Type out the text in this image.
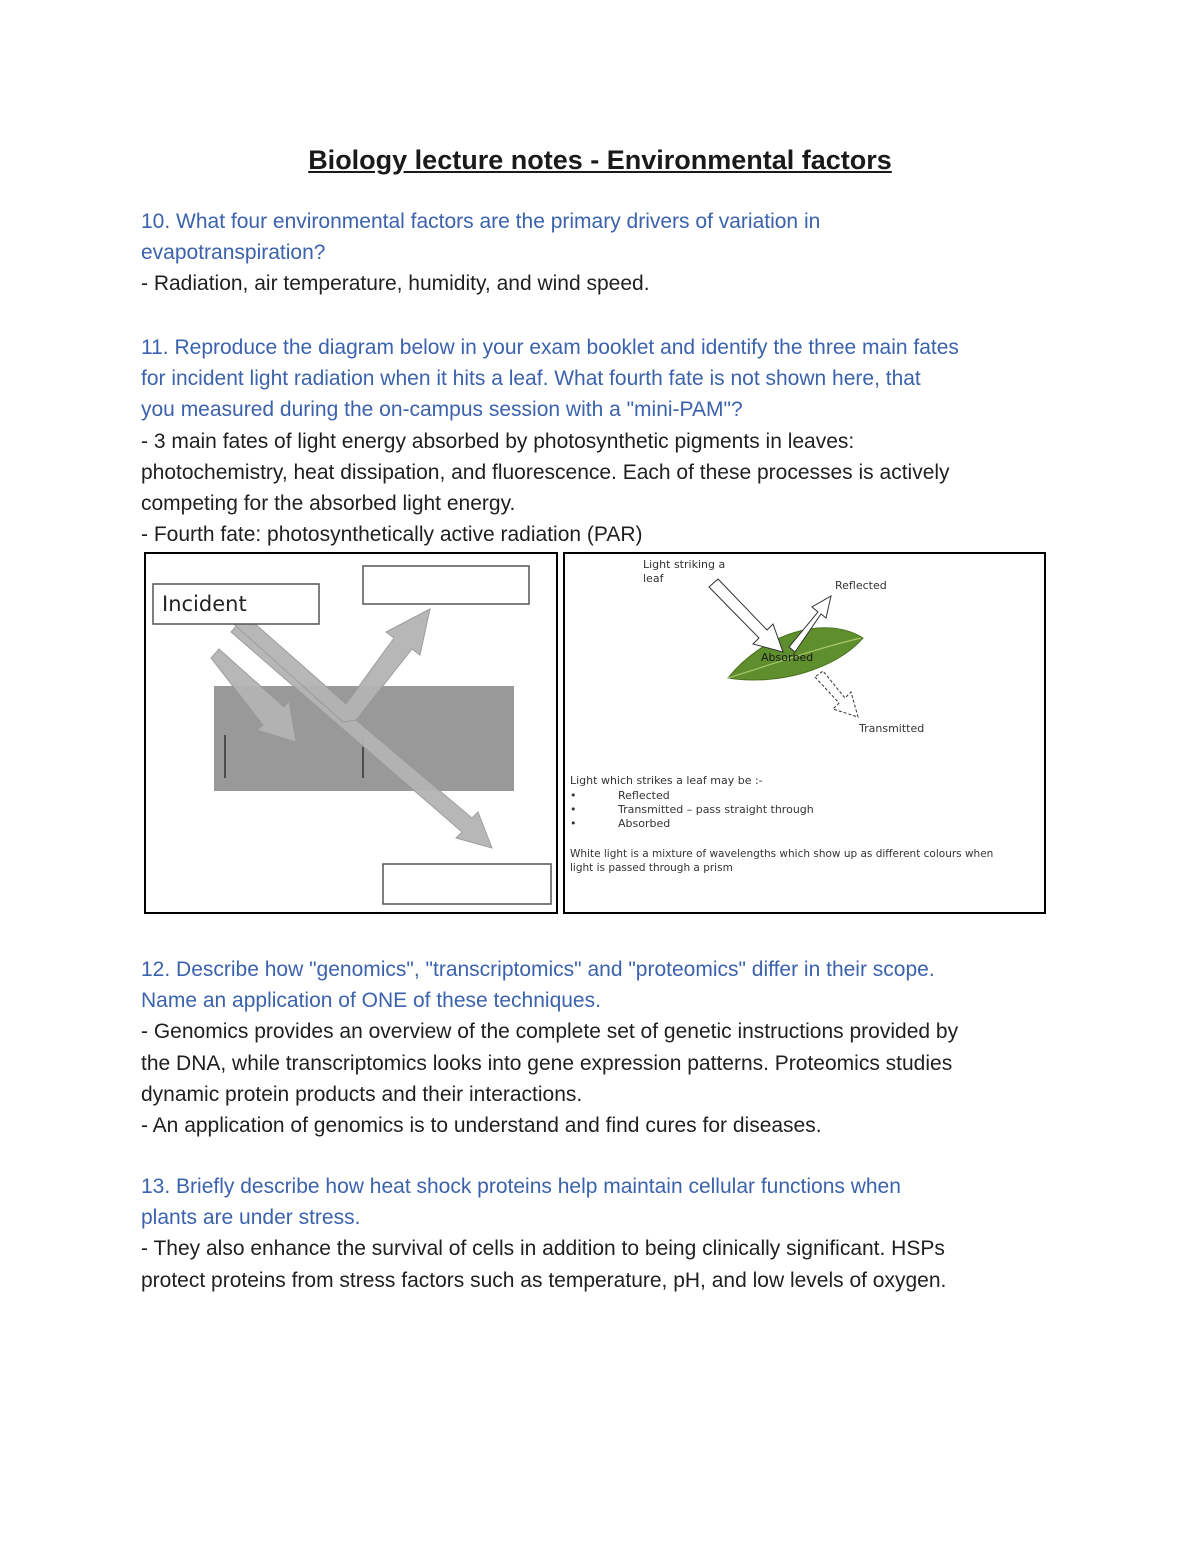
Biology lecture notes - Environmental factors
10. What four environmental factors are the primary drivers of variation in
evapotranspiration?
- Radiation, air temperature, humidity, and wind speed.
11. Reproduce the diagram below in your exam booklet and identify the three main fates
for incident light radiation when it hits a leaf. What fourth fate is not shown here, that
you measured during the on-campus session with a "mini-PAM"?
- 3 main fates of light energy absorbed by photosynthetic pigments in leaves:
photochemistry, heat dissipation, and fluorescence. Each of these processes is actively
competing for the absorbed light energy.
- Fourth fate: photosynthetically active radiation (PAR)
Incident
Light striking a
leaf
Reflected
Absorbed
Transmitted
Light which strikes a leaf may be :-
•	Reflected
•	Transmitted – pass straight through
•	Absorbed
White light is a mixture of wavelengths which show up as different colours when
light is passed through a prism
12. Describe how "genomics", "transcriptomics" and "proteomics" differ in their scope.
Name an application of ONE of these techniques.
- Genomics provides an overview of the complete set of genetic instructions provided by
the DNA, while transcriptomics looks into gene expression patterns. Proteomics studies
dynamic protein products and their interactions.
- An application of genomics is to understand and find cures for diseases.
13. Briefly describe how heat shock proteins help maintain cellular functions when
plants are under stress.
- They also enhance the survival of cells in addition to being clinically significant. HSPs
protect proteins from stress factors such as temperature, pH, and low levels of oxygen.
